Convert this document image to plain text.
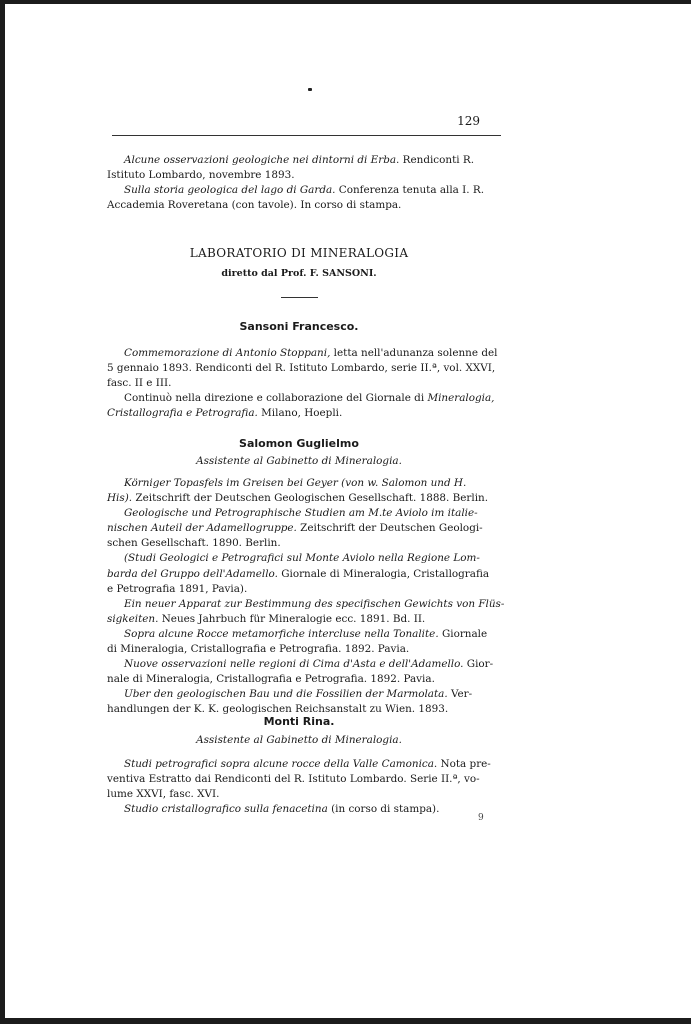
129
Alcune osservazioni geologiche nei dintorni di Erba. Rendiconti R.
Istituto Lombardo, novembre 1893.
Sulla storia geologica del lago di Garda. Conferenza tenuta alla I. R.
Accademia Roveretana (con tavole). In corso di stampa.
LABORATORIO DI MINERALOGIA
diretto dal Prof. F. SANSONI.
Sansoni Francesco.
Commemorazione di Antonio Stoppani, letta nell'adunanza solenne del
5 gennaio 1893. Rendiconti del R. Istituto Lombardo, serie II.ª, vol. XXVI,
fasc. II e III.
Continuò nella direzione e collaborazione del Giornale di Mineralogia,
Cristallografia e Petrografia. Milano, Hoepli.
Salomon Guglielmo
Assistente al Gabinetto di Mineralogia.
Körniger Topasfels im Greisen bei Geyer (von w. Salomon und H.
His). Zeitschrift der Deutschen Geologischen Gesellschaft. 1888. Berlin.
Geologische und Petrographische Studien am M.te Aviolo im italie-
nischen Auteil der Adamellogruppe. Zeitschrift der Deutschen Geologi-
schen Gesellschaft. 1890. Berlin.
(Studi Geologici e Petrografici sul Monte Aviolo nella Regione Lom-
barda del Gruppo dell'Adamello. Giornale di Mineralogia, Cristallografia
e Petrografia 1891, Pavia).
Ein neuer Apparat zur Bestimmung des specifischen Gewichts von Flüs-
sigkeiten. Neues Jahrbuch für Mineralogie ecc. 1891. Bd. II.
Sopra alcune Rocce metamorfiche intercluse nella Tonalite. Giornale
di Mineralogia, Cristallografia e Petrografia. 1892. Pavia.
Nuove osservazioni nelle regioni di Cima d'Asta e dell'Adamello. Gior-
nale di Mineralogia, Cristallografia e Petrografia. 1892. Pavia.
Uber den geologischen Bau und die Fossilien der Marmolata. Ver-
handlungen der K. K. geologischen Reichsanstalt zu Wien. 1893.
Monti Rina.
Assistente al Gabinetto di Mineralogia.
Studi petrografici sopra alcune rocce della Valle Camonica. Nota pre-
ventiva Estratto dai Rendiconti del R. Istituto Lombardo. Serie II.ª, vo-
lume XXVI, fasc. XVI.
Studio cristallografico sulla fenacetina (in corso di stampa).
9
